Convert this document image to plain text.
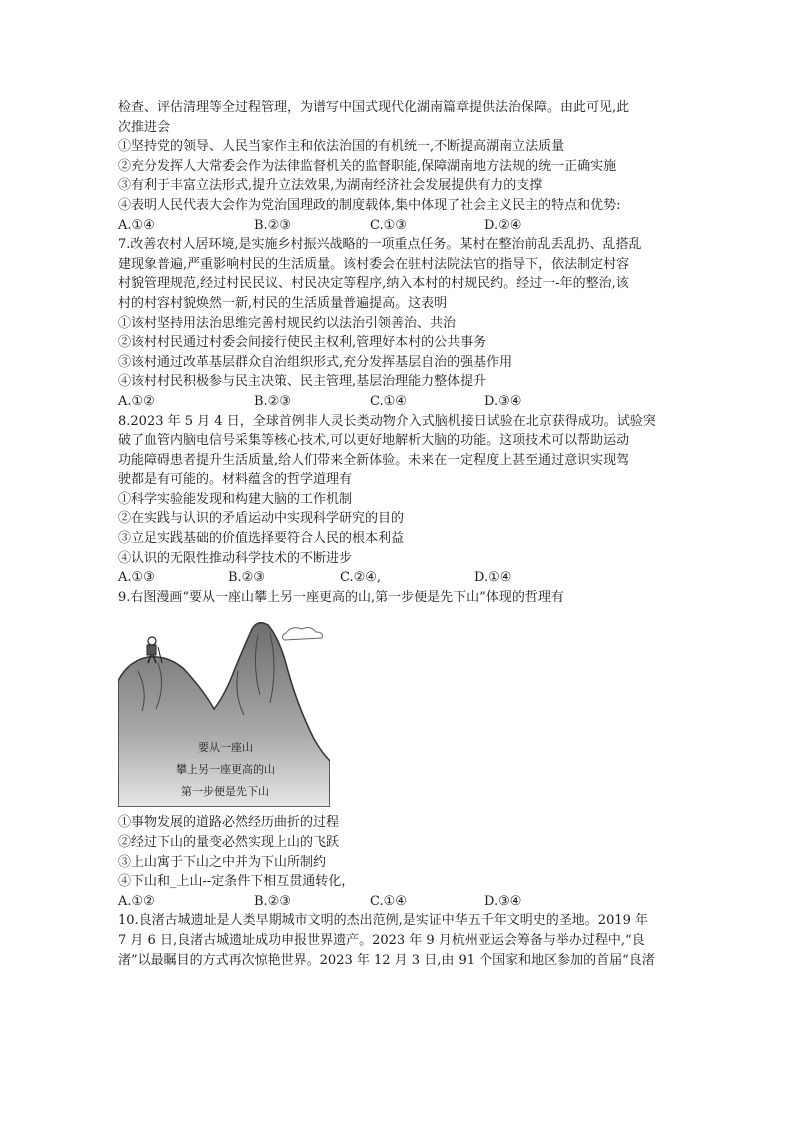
检查、评估清理等全过程管理，为谱写中国式现代化湖南篇章提供法治保障。由此可见,此
次推进会
①坚持党的领导、人民当家作主和依法治国的有机统一,不断提高湖南立法质量
②充分发挥人大常委会作为法律监督机关的监督职能,保障湖南地方法规的统一正确实施
③有利于丰富立法形式,提升立法效果,为湖南经济社会发展提供有力的支撑
④表明人民代表大会作为党治国理政的制度载体,集中体现了社会主义民主的特点和优势:
A.①④	B.②③	C.①③	D.②④
7.改善农村人居环境,是实施乡村振兴战略的一项重点任务。某村在整治前乱丢乱扔、乱搭乱
建现象普遍,严重影响村民的生活质量。该村委会在驻村法院法官的指导下，依法制定村容
村貌管理规范,经过村民民议、村民决定等程序,纳入本村的村规民约。经过一-年的整治,该
村的村容村貌焕然一新,村民的生活质量普遍提高。这表明
①该村坚持用法治思维完善村规民约以法治引领善治、共治
②该村村民通过村委会间接行使民主权利,管理好本村的公共事务
③该村通过改革基层群众自治组织形式,充分发挥基层自治的强基作用
④该村村民积极参与民主决策、民主管理,基层治理能力整体提升
A.①②	B.②③	C.①④	D.③④
8.2023 年 5 月 4 日，全球首例非人灵长类动物介入式脑机接日试验在北京获得成功。试验突
破了血管内脑电信号采集等核心技术,可以更好地解析大脑的功能。这项技术可以帮助运动
功能障碍患者提升生活质量,给人们带来全新体验。未来在一定程度上甚至通过意识实现驾
驶都是有可能的。材料蕴含的哲学道理有
①科学实验能发现和构建大脑的工作机制
②在实践与认识的矛盾运动中实现科学研究的目的
③立足实践基础的价值选择要符合人民的根本利益
④认识的无限性推动科学技术的不断进步
A.①③	B.②③	C.②④,	D.①④
9.右图漫画“要从一座山攀上另一座更高的山,第一步便是先下山”体现的哲理有
要从一座山
攀上另一座更高的山
第一步便是先下山
①事物发展的道路必然经历曲折的过程
②经过下山的量变必然实现上山的飞跃
③上山寓于下山之中并为下山所制约
④下山和_上山--定条件下相互贯通转化，
A.①②	B.②③	C.①④	D.③④
10.良渚古城遗址是人类早期城市文明的杰出范例,是实证中华五千年文明史的圣地。2019 年
7 月 6 日,良渚古城遗址成功申报世界遗产。2023 年 9 月杭州亚运会筹备与举办过程中,“良
渚”以最瞩目的方式再次惊艳世界。2023 年 12 月 3 日,由 91 个国家和地区参加的首届“良渚
